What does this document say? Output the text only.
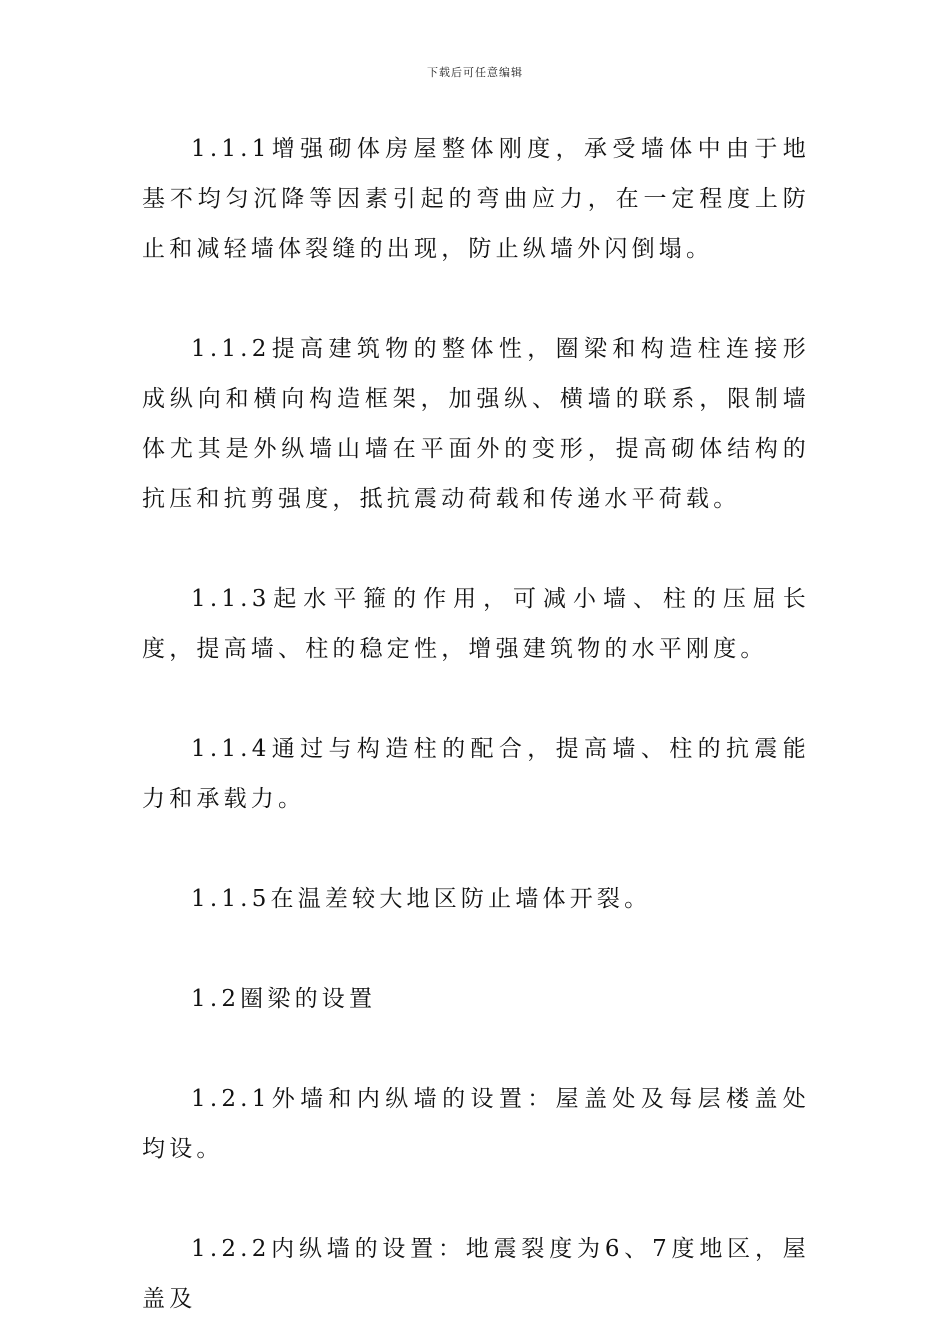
下载后可任意编辑

1.1.1增强砌体房屋整体刚度，承受墙体中由于地基不均匀沉降等因素引起的弯曲应力，在一定程度上防止和减轻墙体裂缝的出现，防止纵墙外闪倒塌。

1.1.2提高建筑物的整体性，圈梁和构造柱连接形成纵向和横向构造框架，加强纵、横墙的联系，限制墙体尤其是外纵墙山墙在平面外的变形，提高砌体结构的抗压和抗剪强度，抵抗震动荷载和传递水平荷载。

1.1.3起水平箍的作用，可减小墙、柱的压屈长度，提高墙、柱的稳定性，增强建筑物的水平刚度。

1.1.4通过与构造柱的配合，提高墙、柱的抗震能力和承载力。

1.1.5在温差较大地区防止墙体开裂。

1.2圈梁的设置

1.2.1外墙和内纵墙的设置：屋盖处及每层楼盖处均设。

1.2.2内纵墙的设置：地震裂度为6、7度地区，屋盖及
